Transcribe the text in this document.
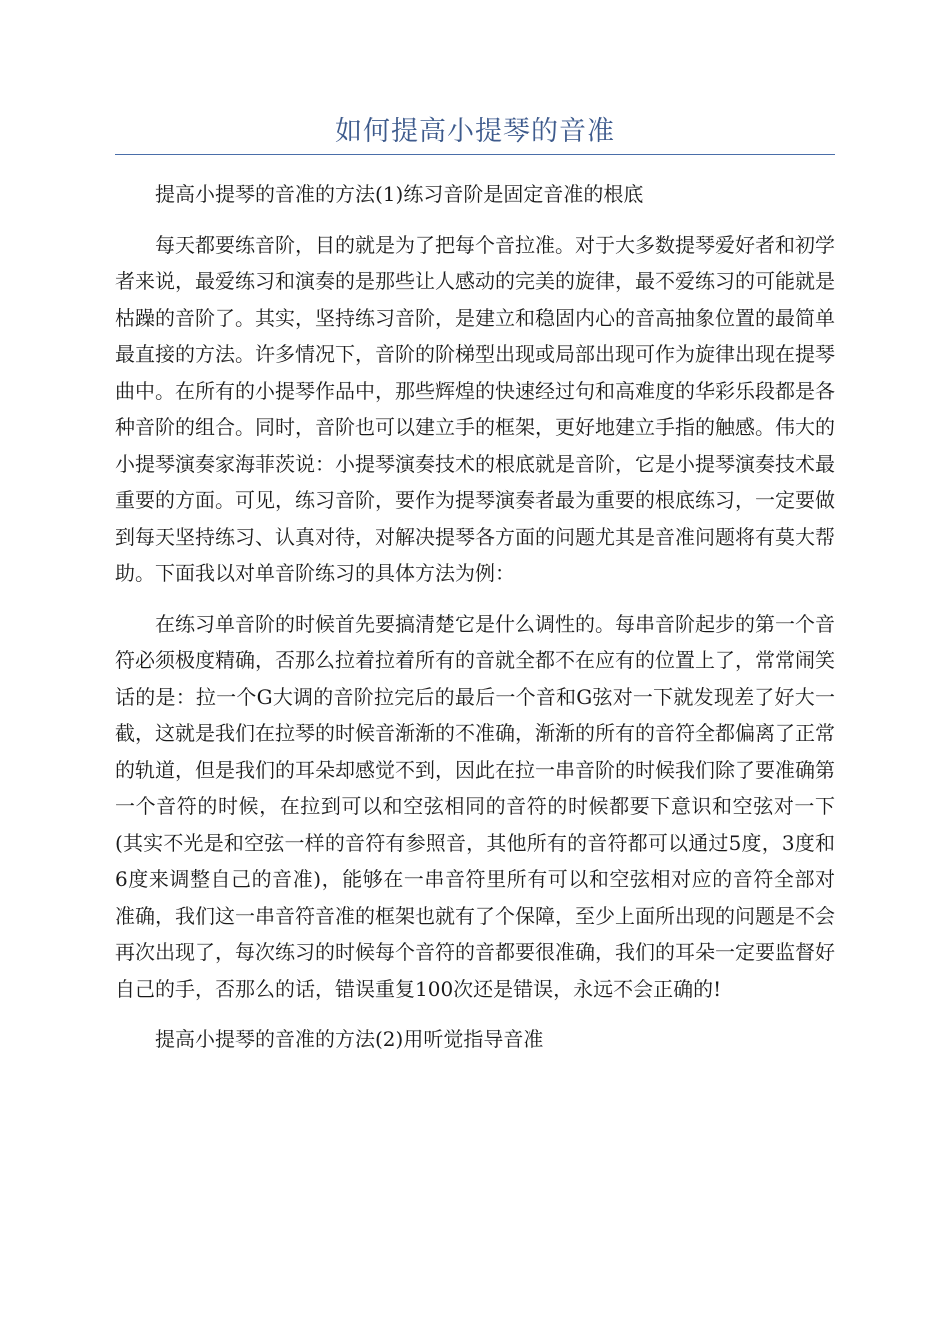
如何提高小提琴的音准

提高小提琴的音准的方法(1)练习音阶是固定音准的根底

每天都要练音阶，目的就是为了把每个音拉准。对于大多数提琴爱好者和初学者来说，最爱练习和演奏的是那些让人感动的完美的旋律，最不爱练习的可能就是枯躁的音阶了。其实，坚持练习音阶，是建立和稳固内心的音高抽象位置的最简单最直接的方法。许多情况下，音阶的阶梯型出现或局部出现可作为旋律出现在提琴曲中。在所有的小提琴作品中，那些辉煌的快速经过句和高难度的华彩乐段都是各种音阶的组合。同时，音阶也可以建立手的框架，更好地建立手指的触感。伟大的小提琴演奏家海菲茨说：小提琴演奏技术的根底就是音阶，它是小提琴演奏技术最重要的方面。可见，练习音阶，要作为提琴演奏者最为重要的根底练习，一定要做到每天坚持练习、认真对待，对解决提琴各方面的问题尤其是音准问题将有莫大帮助。下面我以对单音阶练习的具体方法为例：

在练习单音阶的时候首先要搞清楚它是什么调性的。每串音阶起步的第一个音符必须极度精确，否那么拉着拉着所有的音就全都不在应有的位置上了，常常闹笑话的是：拉一个G大调的音阶拉完后的最后一个音和G弦对一下就发现差了好大一截，这就是我们在拉琴的时候音渐渐的不准确，渐渐的所有的音符全都偏离了正常的轨道，但是我们的耳朵却感觉不到，因此在拉一串音阶的时候我们除了要准确第一个音符的时候，在拉到可以和空弦相同的音符的时候都要下意识和空弦对一下(其实不光是和空弦一样的音符有参照音，其他所有的音符都可以通过5度，3度和6度来调整自己的音准)，能够在一串音符里所有可以和空弦相对应的音符全部对准确，我们这一串音符音准的框架也就有了个保障，至少上面所出现的问题是不会再次出现了，每次练习的时候每个音符的音都要很准确，我们的耳朵一定要监督好自己的手，否那么的话，错误重复100次还是错误，永远不会正确的!

提高小提琴的音准的方法(2)用听觉指导音准
